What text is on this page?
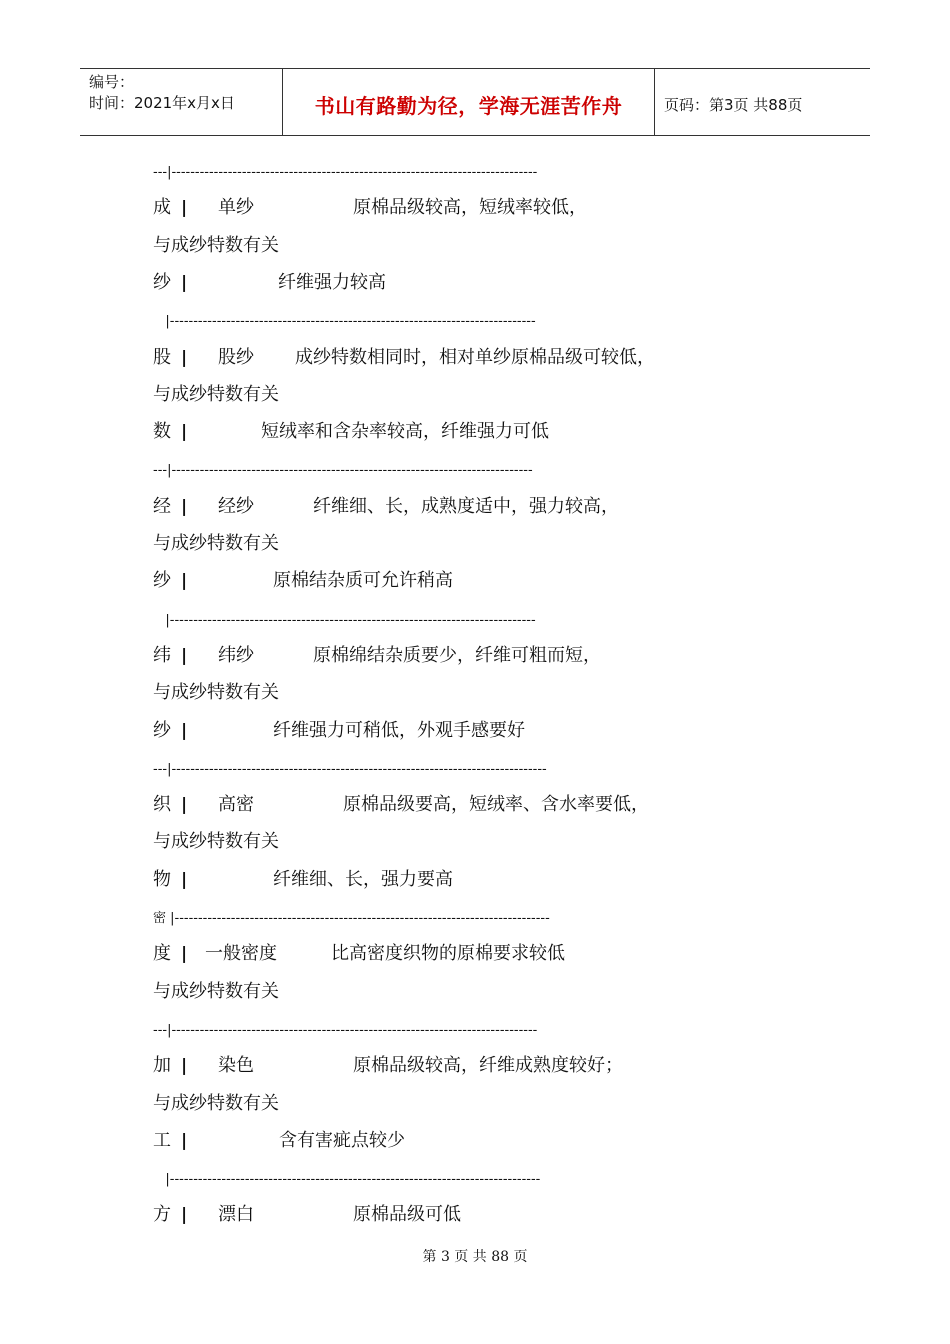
编号：
时间：2021年x月x日	书山有路勤为径，学海无涯苦作舟	页码：第3页 共88页
---|------------------------------------------------------------------------------
成 | 单纱	原棉品级较高，短绒率较低，
与成纱特数有关
纱 |	纤维强力较高
|------------------------------------------------------------------------------
股 | 股纱 成纱特数相同时，相对单纱原棉品级可较低，
与成纱特数有关
数 |	短绒率和含杂率较高，纤维强力可低
---|-----------------------------------------------------------------------------
经 | 经纱	纤维细、长，成熟度适中，强力较高，
与成纱特数有关
纱 |	原棉结杂质可允许稍高
|------------------------------------------------------------------------------
纬 | 纬纱	原棉绵结杂质要少，纤维可粗而短，
与成纱特数有关
纱 |	纤维强力可稍低，外观手感要好
---|--------------------------------------------------------------------------------
织 | 高密	原棉品级要高，短绒率、含水率要低，
与成纱特数有关
物 |	纤维细、长，强力要高
密 |--------------------------------------------------------------------------------
度 | 一般密度	比高密度织物的原棉要求较低
与成纱特数有关
---|------------------------------------------------------------------------------
加 | 染色	原棉品级较高，纤维成熟度较好；
与成纱特数有关
工 |	含有害疵点较少
|-------------------------------------------------------------------------------
方 | 漂白	原棉品级可低
第 3 页 共 88 页
